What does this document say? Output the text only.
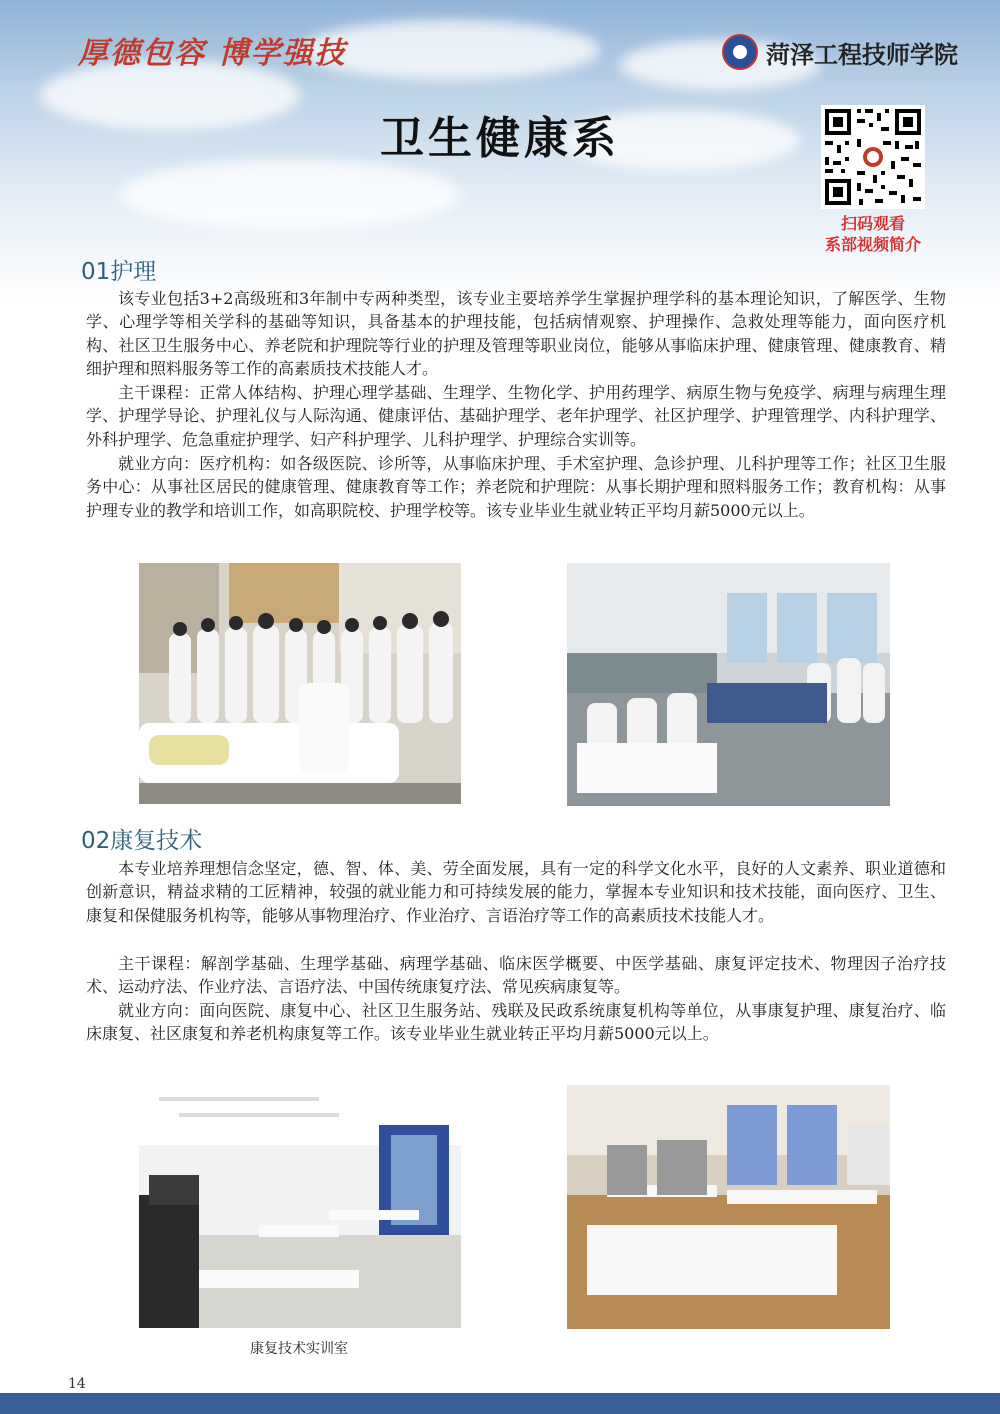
厚德包容 博学强技	菏泽工程技师学院
卫生健康系
扫码观看
系部视频简介
01护理

该专业包括3+2高级班和3年制中专两种类型，该专业主要培养学生掌握护理学科的基本理论知识，了解医学、生物学、心理学等相关学科的基础等知识，具备基本的护理技能，包括病情观察、护理操作、急救处理等能力，面向医疗机构、社区卫生服务中心、养老院和护理院等行业的护理及管理等职业岗位，能够从事临床护理、健康管理、健康教育、精细护理和照料服务等工作的高素质技术技能人才。

主干课程：正常人体结构、护理心理学基础、生理学、生物化学、护用药理学、病原生物与免疫学、病理与病理生理学、护理学导论、护理礼仪与人际沟通、健康评估、基础护理学、老年护理学、社区护理学、护理管理学、内科护理学、外科护理学、危急重症护理学、妇产科护理学、儿科护理学、护理综合实训等。

就业方向：医疗机构：如各级医院、诊所等，从事临床护理、手术室护理、急诊护理、儿科护理等工作；社区卫生服务中心：从事社区居民的健康管理、健康教育等工作；养老院和护理院：从事长期护理和照料服务工作；教育机构：从事护理专业的教学和培训工作，如高职院校、护理学校等。该专业毕业生就业转正平均月薪5000元以上。

02康复技术

本专业培养理想信念坚定，德、智、体、美、劳全面发展，具有一定的科学文化水平，良好的人文素养、职业道德和创新意识，精益求精的工匠精神，较强的就业能力和可持续发展的能力，掌握本专业知识和技术技能，面向医疗、卫生、康复和保健服务机构等，能够从事物理治疗、作业治疗、言语治疗等工作的高素质技术技能人才。

主干课程：解剖学基础、生理学基础、病理学基础、临床医学概要、中医学基础、康复评定技术、物理因子治疗技术、运动疗法、作业疗法、言语疗法、中国传统康复疗法、常见疾病康复等。

就业方向：面向医院、康复中心、社区卫生服务站、残联及民政系统康复机构等单位，从事康复护理、康复治疗、临床康复、社区康复和养老机构康复等工作。该专业毕业生就业转正平均月薪5000元以上。

康复技术实训室
14
